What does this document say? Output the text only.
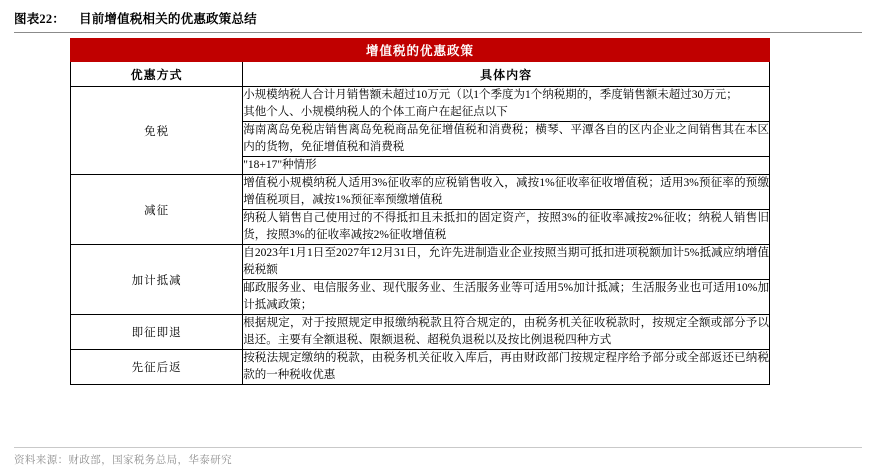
图表22： 目前增值税相关的优惠政策总结
增值税的优惠政策	
优惠方式	具体内容
免税	小规模纳税人合计月销售额未超过10万元（以1个季度为1个纳税期的，季度销售额未超过30万元；
其他个人、小规模纳税人的个体工商户在起征点以下
	海南离岛免税店销售离岛免税商品免征增值税和消费税；横琴、平潭各自的区内企业之间销售其在本区内的货物，免征增值税和消费税
	"18+17"种情形
减征	增值税小规模纳税人适用3%征收率的应税销售收入，减按1%征收率征收增值税；适用3%预征率的预缴增值税项目，减按1%预征率预缴增值税
	纳税人销售自己使用过的不得抵扣且未抵扣的固定资产，按照3%的征收率减按2%征收；纳税人销售旧货，按照3%的征收率减按2%征收增值税
加计抵减	自2023年1月1日至2027年12月31日，允许先进制造业企业按照当期可抵扣进项税额加计5%抵减应纳增值税税额
	邮政服务业、电信服务业、现代服务业、生活服务业等可适用5%加计抵减；生活服务业也可适用10%加计抵减政策；
即征即退	根据规定，对于按照规定申报缴纳税款且符合规定的，由税务机关征收税款时，按规定全额或部分予以退还。主要有全额退税、限额退税、超税负退税以及按比例退税四种方式
先征后返	按税法规定缴纳的税款，由税务机关征收入库后，再由财政部门按规定程序给予部分或全部返还已纳税款的一种税收优惠
资料来源：财政部，国家税务总局，华泰研究
